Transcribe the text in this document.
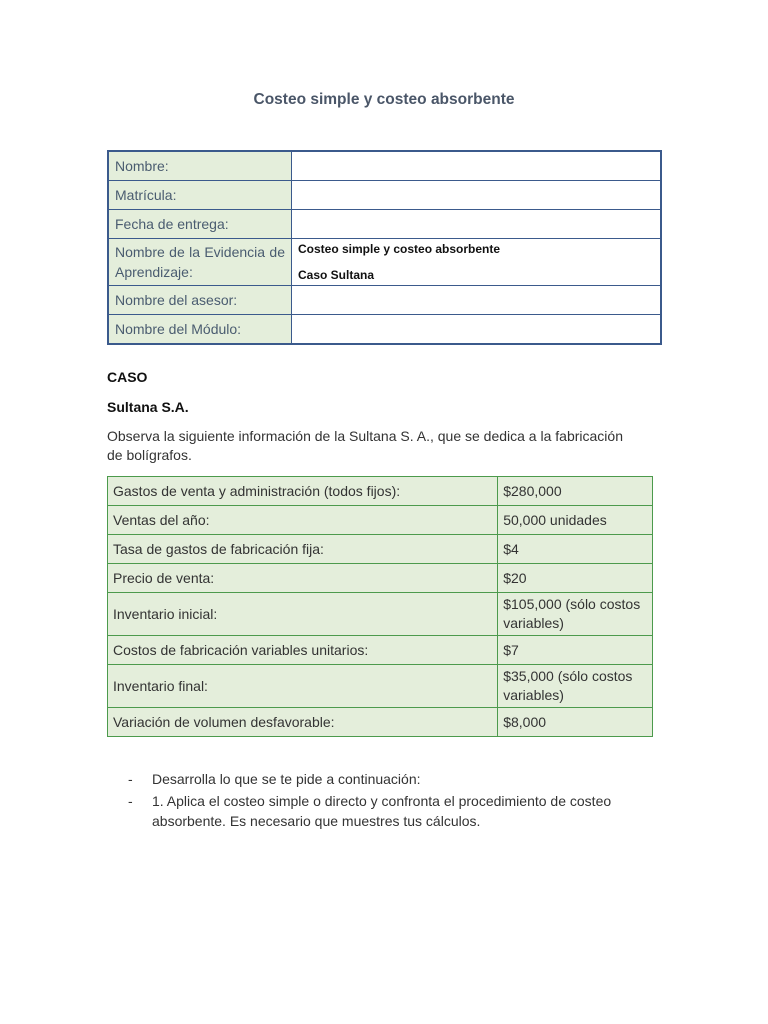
Costeo simple y costeo absorbente
Nombre:	
Matrícula:	
Fecha de entrega:	
Nombre de la Evidencia de Aprendizaje:	Costeo simple y costeo absorbente
Caso Sultana

Nombre del asesor:	
Nombre del Módulo:	
CASO
Sultana S.A.
Observa la siguiente información de la Sultana S. A., que se dedica a la fabricación de bolígrafos.
Gastos de venta y administración (todos fijos):	$280,000
Ventas del año:	50,000 unidades
Tasa de gastos de fabricación fija:	$4
Precio de venta:	$20
Inventario inicial:	$105,000 (sólo costos variables)
Costos de fabricación variables unitarios:	$7
Inventario final:	$35,000 (sólo costos variables)
Variación de volumen desfavorable:	$8,000
- Desarrolla lo que se te pide a continuación:
- 1. Aplica el costeo simple o directo y confronta el procedimiento de costeo absorbente. Es necesario que muestres tus cálculos.
